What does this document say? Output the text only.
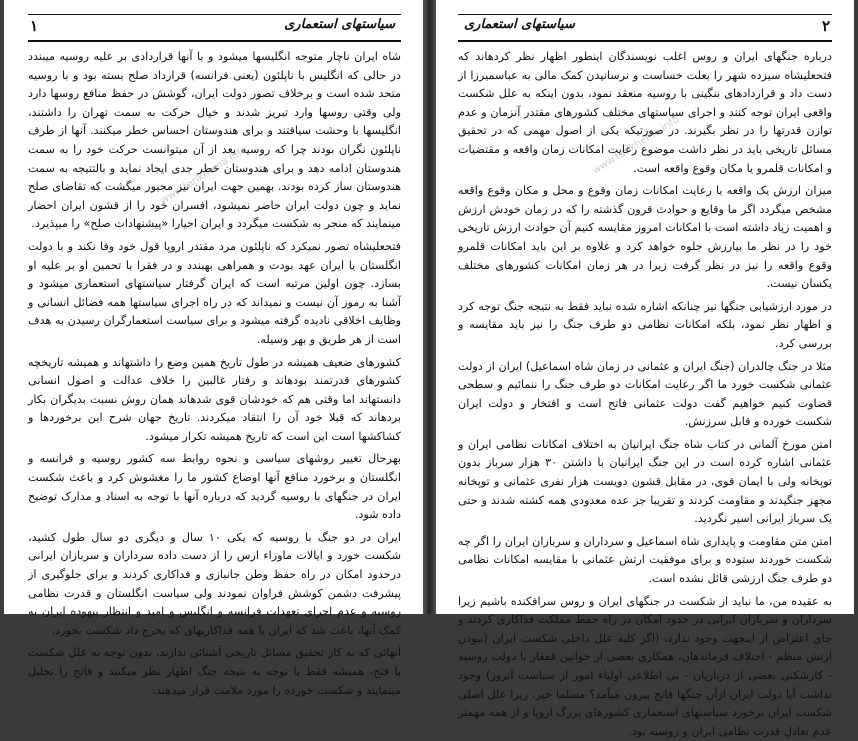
سیاستهای استعماری
۱

شاه ایران ناچار متوجه انگلیسها میشود و با آنها قراردادی بر علیه روسیه میبندد در حالی که انگلیس با ناپلئون (یعنی فرانسه) قرارداد صلح بسته بود و با روسیه متحد شده است و برخلاف تصور دولت ایران، گوشش در حفظ منافع روسها دارد ولی وقتی روسها وارد تبریز شدند و خیال حرکت به سمت تهران را داشتند، انگلیسها با وحشت سیافتند و برای هندوستان احساس خطر میکنند. آنها از طرف ناپلئون نگران بودند چرا که روسیه بعد از آن میتوانست حرکت خود را به سمت هندوستان ادامه دهد و برای هندوستان خطر جدی ایجاد نماید و بالتتیجه به سمت هندوستان ساز کرده بودند. بهمین جهت ایران نیز مجبور میگشت که تقاضای صلح نماید و چون دولت ایران حاضر نمیشود، افسران خود را از قشون ایران احضار مینمایند که منجر به شکست میگردد و ایران احیارا «پیشنهادات صلح» را میپذیرد.

فتحعلیشاه تصور نمیکرد که ناپلئون مرد مقتدر اروپا قول خود وفا نکند و با دولت انگلستان یا ایران عهد بودت و همراهی بهبندد و در فقرا با تحمین او بر علیه او بسازد. چون اولین مرتبه است که ایران گرفتار سیاستهای استعماری میشود و آشنا به رموز آن نیست و نمیداند که در راه اجرای سیاستها همه فضائل انسانی و وظایف اخلاقی نادیده گرفته میشود و برای سیاست استعمارگران رسیدن به هدف است از هر طریق و بهر وسیله.

کشورهای ضعیف همیشه در طول تاریخ همین وضع را داشتهاند و همیشه تاریخچه کشورهای قدرتمند بودهاند و رفتار غالبین را خلاف عدالت و اصول انسانی دانستهاند اما وقتی هم که خودشان قوی شدهاند همان روش نسبت بدیگران بکار بردهاند که قبلا خود آن را انتقاد میکردند. تاریخ جهان شرح این برخوردها و کشاکشها است این است که تاریخ همیشه تکرار میشود.

بهرحال تغییر روشهای سیاسی و نحوه روابط سه کشور روسیه و فرانسه و انگلستان و برخورد منافع آنها اوضاع کشور ما را مغشوش کرد و باعث شکست ایران در جنگهای با روسیه گردید که درباره آنها با توجه به اسناد و مدارک توضیح داده شود.

ایران در دو جنگ با روسیه که یکی ۱۰ سال و دیگری دو سال طول کشید، شکست خورد و ایالات ماوراء ارس را از دست داده سرداران و سربازان ایرانی درحدود امکان در راه حفظ وطن جانبازی و فداکاری کردند و برای جلوگیری از پیشرفت دشمن کوشش فراوان نمودند ولی سیاست انگلستان و قدرت نظامی روسیه و عدم اجرای تعهدات فرانسه و انگلیس و امید و انتظار بیهوده ایران به کمک آنها، باعث شد که ایران با همه فداکاریهای که بخرج داد شکست بخورد.

آنهائی که به کار تحقیق مسائل تاریخی آشنائی ندارند، بدون توجه به علل شکست یا فتح، همیشه فقط با توجه به نتیجه جنگ اظهار نظر میکنند و فاتح را تجلیل مینمایند و شکست خورده را مورد ملامت قرار میدهند.

www.tarikhema.info
سیاستهای استعماری	۲

درباره جنگهای ایران و روس اغلب نویسندگان اینطور اظهار نظر کردهاند که فتحعلیشاه سیزده شهر را بعلت خساست و نرسانیدن کمک مالی به عباسمیرزا از دست داد و قراردادهای ننگینی با روسیه منعقد نمود، بدون اینکه به علل شکست واقعی ایران توجه کنند و اجرای سیاستهای مختلف کشورهای مقتدر آنزمان و عدم توازن قدرتها را در نظر بگیرند. در صورتیکه یکی از اصول مهمی که در تحقیق مسائل تاریخی باید در نظر داشت موضوع رعایت امکانات زمان واقعه و مقتضیات و امکانات قلمرو یا مکان وقوع واقعه است.

میزان ارزش یک واقعه با رعایت امکانات زمان وقوع و محل و مکان وقوع واقعه مشخص میگردد اگر ما وقایع و حوادث قرون گذشته را که در زمان خودش ارزش و اهمیت زیاد داشته است با امکانات امروز مقایسه کنیم آن حوادث ارزش تاریخی خود را در نظر ما بیارزش جلوه خواهد کرد و علاوه بر این باید امکانات قلمرو وقوع واقعه را نیز در نظر گرفت زیرا در هر زمان امکانات کشورهای مختلف یکسان نیست.

در مورد ارزشیابی جنگها نیز چنانکه اشاره شده نباید فقط به نتیجه جنگ توجه کرد و اظهار نظر نمود، بلکه امکانات نظامی دو طرف جنگ را نیز باید مقایسه و بررسی کرد.

مثلا در جنگ چالدران (جنگ ایران و عثمانی در زمان شاه اسماعیل) ایران از دولت عثمانی شکست خورد ما اگر رعایت امکانات دو طرف جنگ را ننمائیم و سطحی قضاوت کنیم خواهیم گفت دولت عثمانی فاتح است و افتخار و دولت ایران شکست خورده و قابل سرزنش.

امتن مورخ آلمانی در کتاب شاه جنگ ایرانیان به اختلاف امکانات نظامی ایران و عثمانی اشاره کرده است در این جنگ ایرانیان با داشتن ۳۰ هزار سرباز بدون توپخانه ولی با ایمان قوی، در مقابل قشون دویست هزار نفری عثمانی و توپخانه مجهز جنگیدند و مقاومت کردند و تقریبا جز عده معدودی همه کشته شدند و حتی یک سرباز ایرانی اسیر نگردید.

امتن متن مقاومت و پایداری شاه اسماعیل و سرداران و سربازان ایران را اگر چه شکست خوردند ستوده و برای موفقیت ارتش عثمانی با مقایسه امکانات نظامی دو طرف جنگ ارزشی قائل نشده است.

به عقیده من، ما نباید از شکست در جنگهای ایران و روس سرافکنده باشیم زیرا سرداران و سربازان ایرانی در حدود امکان در راه حفظ مملکت فداکاری کردند و جای اعتراض از اینجهت وجود ندارد، (اگر کلیه علل داخلی شکست ایران (نبودن ارتش منظم - اختلاف فرماندهان، همکاری بعضی از خوانین قفقاز با دولت روسیه - کارشکنی بعضی از درباریان - بی اطلاعی اولیاء امور از سیاست آنروز) وجود نداشت آیا دولت ایران ازآن جنگها فاتح بیرون میآمد؟ مسلما خیر، زیرا علل اصلی شکست ایران برخورد سیاستهای استعماری کشورهای بزرگ اروپا و از همه مهمتر عدم تعادل قدرت نظامی ایران و روسیه بود.

www.tarikhema.info
